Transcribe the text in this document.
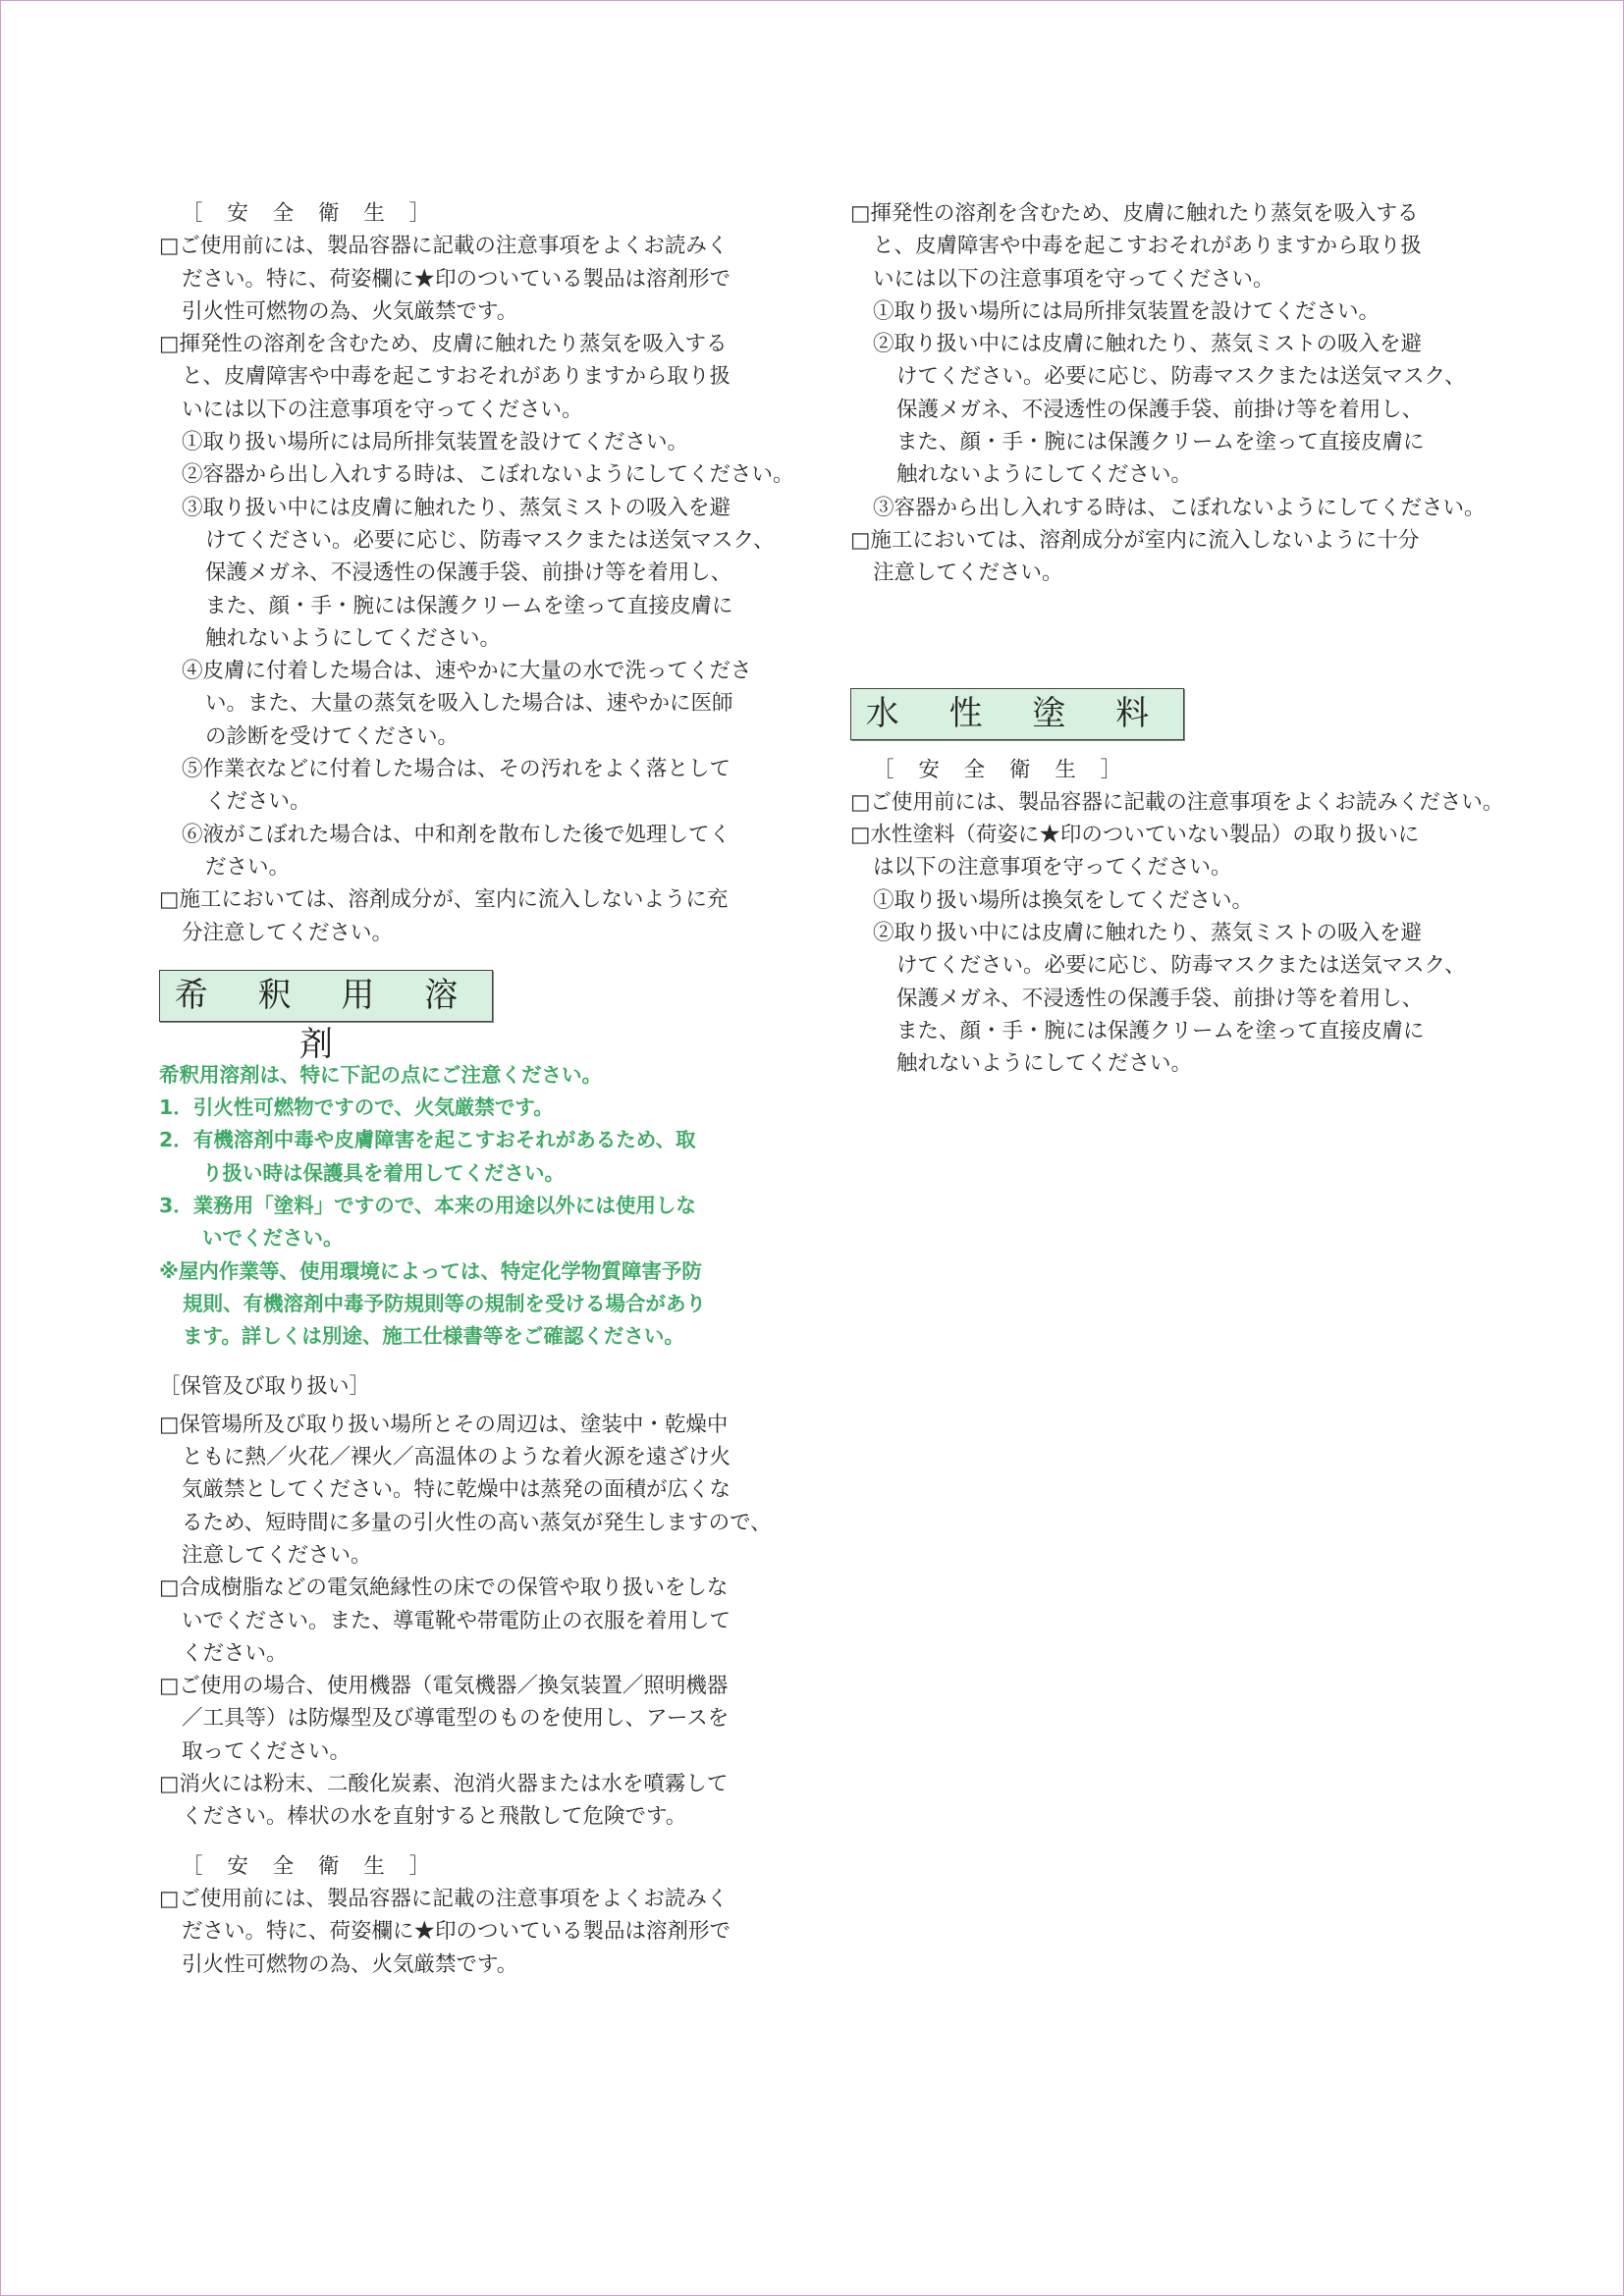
［ 安 全 衛 生 ］
□ご使用前には、製品容器に記載の注意事項をよくお読みく
ださい。特に、荷姿欄に★印のついている製品は溶剤形で
引火性可燃物の為、火気厳禁です。
□揮発性の溶剤を含むため、皮膚に触れたり蒸気を吸入する
と、皮膚障害や中毒を起こすおそれがありますから取り扱
いには以下の注意事項を守ってください。
①取り扱い場所には局所排気装置を設けてください。
②容器から出し入れする時は、こぼれないようにしてください。
③取り扱い中には皮膚に触れたり、蒸気ミストの吸入を避
けてください。必要に応じ、防毒マスクまたは送気マスク、
保護メガネ、不浸透性の保護手袋、前掛け等を着用し、
また、顔・手・腕には保護クリームを塗って直接皮膚に
触れないようにしてください。
④皮膚に付着した場合は、速やかに大量の水で洗ってくださ
い。また、大量の蒸気を吸入した場合は、速やかに医師
の診断を受けてください。
⑤作業衣などに付着した場合は、その汚れをよく落として
ください。
⑥液がこぼれた場合は、中和剤を散布した後で処理してく
ださい。
□施工においては、溶剤成分が、室内に流入しないように充
分注意してください。
希 釈 用 溶 剤
希釈用溶剤は、特に下記の点にご注意ください。
1．引火性可燃物ですので、火気厳禁です。
2．有機溶剤中毒や皮膚障害を起こすおそれがあるため、取
り扱い時は保護具を着用してください。
3．業務用「塗料」ですので、本来の用途以外には使用しな
いでください。
※屋内作業等、使用環境によっては、特定化学物質障害予防
規則、有機溶剤中毒予防規則等の規制を受ける場合があり
ます。詳しくは別途、施工仕様書等をご確認ください。
［保管及び取り扱い］
□保管場所及び取り扱い場所とその周辺は、塗装中・乾燥中
ともに熱／火花／裸火／高温体のような着火源を遠ざけ火
気厳禁としてください。特に乾燥中は蒸発の面積が広くな
るため、短時間に多量の引火性の高い蒸気が発生しますので、
注意してください。
□合成樹脂などの電気絶縁性の床での保管や取り扱いをしな
いでください。また、導電靴や帯電防止の衣服を着用して
ください。
□ご使用の場合、使用機器（電気機器／換気装置／照明機器
／工具等）は防爆型及び導電型のものを使用し、アースを
取ってください。
□消火には粉末、二酸化炭素、泡消火器または水を噴霧して
ください。棒状の水を直射すると飛散して危険です。
［ 安 全 衛 生 ］
□ご使用前には、製品容器に記載の注意事項をよくお読みく
ださい。特に、荷姿欄に★印のついている製品は溶剤形で
引火性可燃物の為、火気厳禁です。
□揮発性の溶剤を含むため、皮膚に触れたり蒸気を吸入する
と、皮膚障害や中毒を起こすおそれがありますから取り扱
いには以下の注意事項を守ってください。
①取り扱い場所には局所排気装置を設けてください。
②取り扱い中には皮膚に触れたり、蒸気ミストの吸入を避
けてください。必要に応じ、防毒マスクまたは送気マスク、
保護メガネ、不浸透性の保護手袋、前掛け等を着用し、
また、顔・手・腕には保護クリームを塗って直接皮膚に
触れないようにしてください。
③容器から出し入れする時は、こぼれないようにしてください。
□施工においては、溶剤成分が室内に流入しないように十分
注意してください。
水 性 塗 料
［ 安 全 衛 生 ］
□ご使用前には、製品容器に記載の注意事項をよくお読みください。
□水性塗料（荷姿に★印のついていない製品）の取り扱いに
は以下の注意事項を守ってください。
①取り扱い場所は換気をしてください。
②取り扱い中には皮膚に触れたり、蒸気ミストの吸入を避
けてください。必要に応じ、防毒マスクまたは送気マスク、
保護メガネ、不浸透性の保護手袋、前掛け等を着用し、
また、顔・手・腕には保護クリームを塗って直接皮膚に
触れないようにしてください。
